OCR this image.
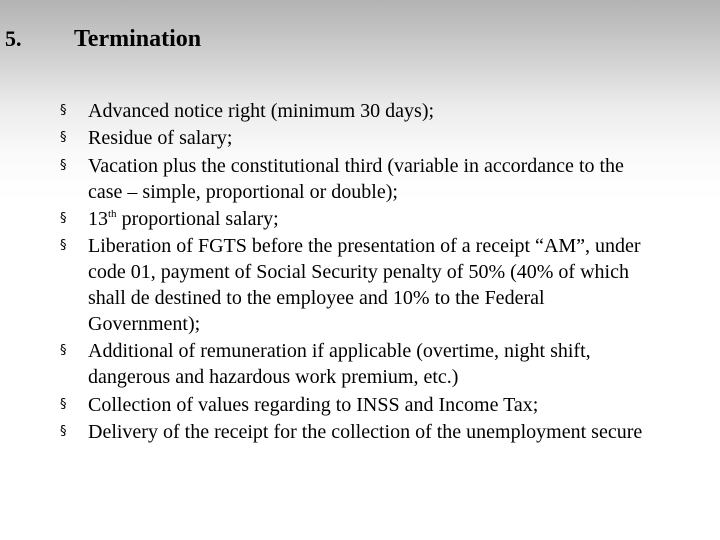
5. Termination
§ Advanced notice right (minimum 30 days);
§ Residue of salary;
§ Vacation plus the constitutional third (variable in accordance to the case – simple, proportional or double);
§ 13th proportional salary;
§ Liberation of FGTS before the presentation of a receipt “AM”, under code 01, payment of Social Security penalty of 50% (40% of which shall de destined to the employee and 10% to the Federal Government);
§ Additional of remuneration if applicable (overtime, night shift, dangerous and hazardous work premium, etc.)
§ Collection of values regarding to INSS and Income Tax;
§ Delivery of the receipt for the collection of the unemployment secure
